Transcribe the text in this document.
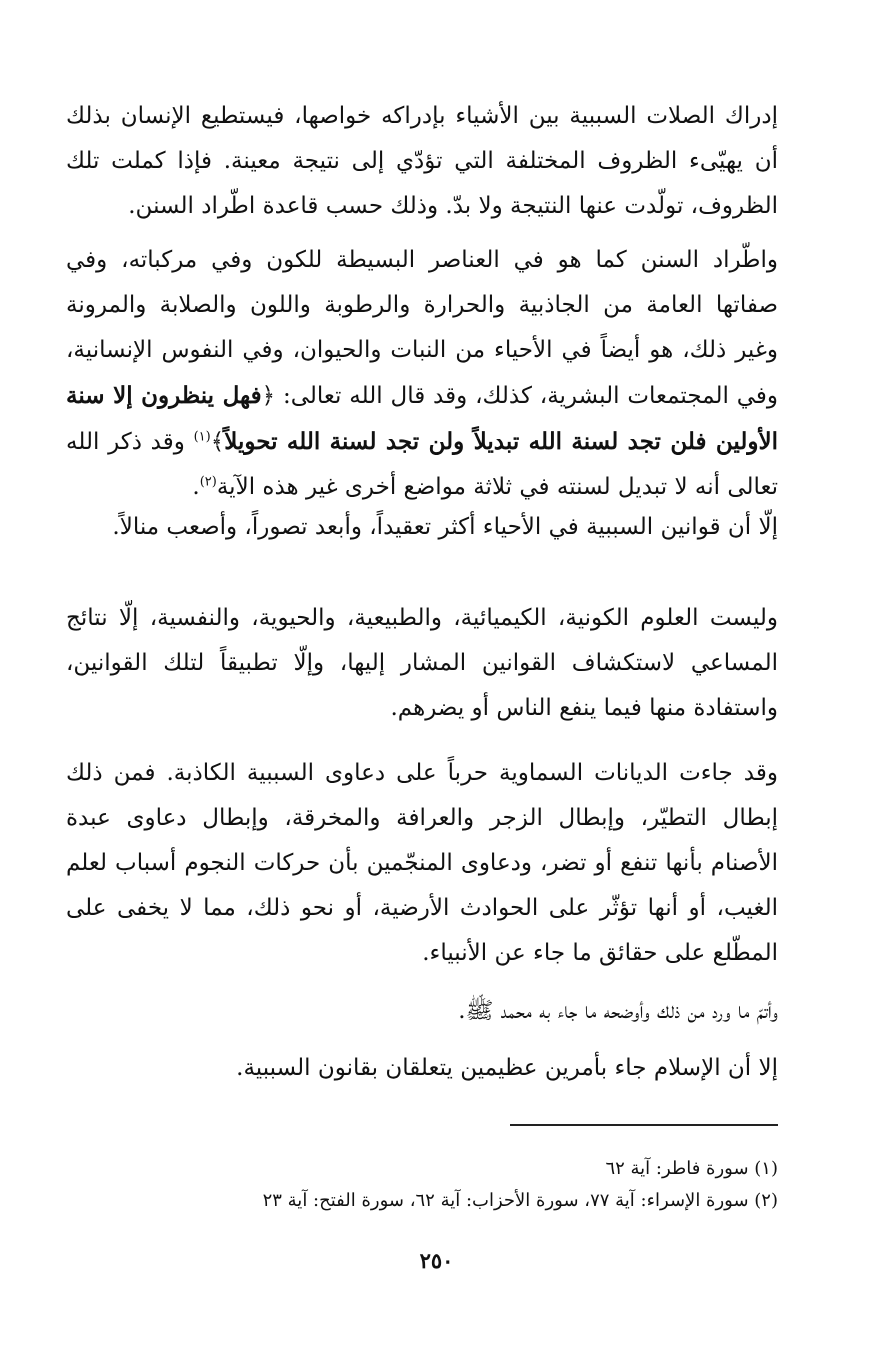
إدراك الصلات السببية بين الأشياء بإدراكه خواصها، فيستطيع الإنسان بذلك أن يهيّىء الظروف المختلفة التي تؤدّي إلى نتيجة معينة. فإذا كملت تلك الظروف، تولّدت عنها النتيجة ولا بدّ. وذلك حسب قاعدة اطّراد السنن.

واطّراد السنن كما هو في العناصر البسيطة للكون وفي مركباته، وفي صفاتها العامة من الجاذبية والحرارة والرطوبة واللون والصلابة والمرونة وغير ذلك، هو أيضاً في الأحياء من النبات والحيوان، وفي النفوس الإنسانية، وفي المجتمعات البشرية، كذلك، وقد قال الله تعالى: ﴿فهل ينظرون إلا سنة الأولين فلن تجد لسنة الله تبديلاً ولن تجد لسنة الله تحويلاً﴾$^{(١)}$ وقد ذكر الله تعالى أنه لا تبديل لسنته في ثلاثة مواضع أخرى غير هذه الآية$^{(٢)}$.

إلّا أن قوانين السببية في الأحياء أكثر تعقيداً، وأبعد تصوراً، وأصعب منالاً.

وليست العلوم الكونية، الكيميائية، والطبيعية، والحيوية، والنفسية، إلّا نتائج المساعي لاستكشاف القوانين المشار إليها، وإلّا تطبيقاً لتلك القوانين، واستفادة منها فيما ينفع الناس أو يضرهم.

وقد جاءت الديانات السماوية حرباً على دعاوى السببية الكاذبة. فمن ذلك إبطال التطيّر، وإبطال الزجر والعرافة والمخرقة، وإبطال دعاوى عبدة الأصنام بأنها تنفع أو تضر، ودعاوى المنجّمين بأن حركات النجوم أسباب لعلم الغيب، أو أنها تؤثّر على الحوادث الأرضية، أو نحو ذلك، مما لا يخفى على المطّلع على حقائق ما جاء عن الأنبياء.

وأتمّ ما ورد من ذلك وأوضحه ما جاء به محمد ﷺ.

إلا أن الإسلام جاء بأمرين عظيمين يتعلقان بقانون السببية.

(١) سورة فاطر: آية ٦٢

(٢) سورة الإسراء: آية ٧٧، سورة الأحزاب: آية ٦٢، سورة الفتح: آية ٢٣

٢٥٠
